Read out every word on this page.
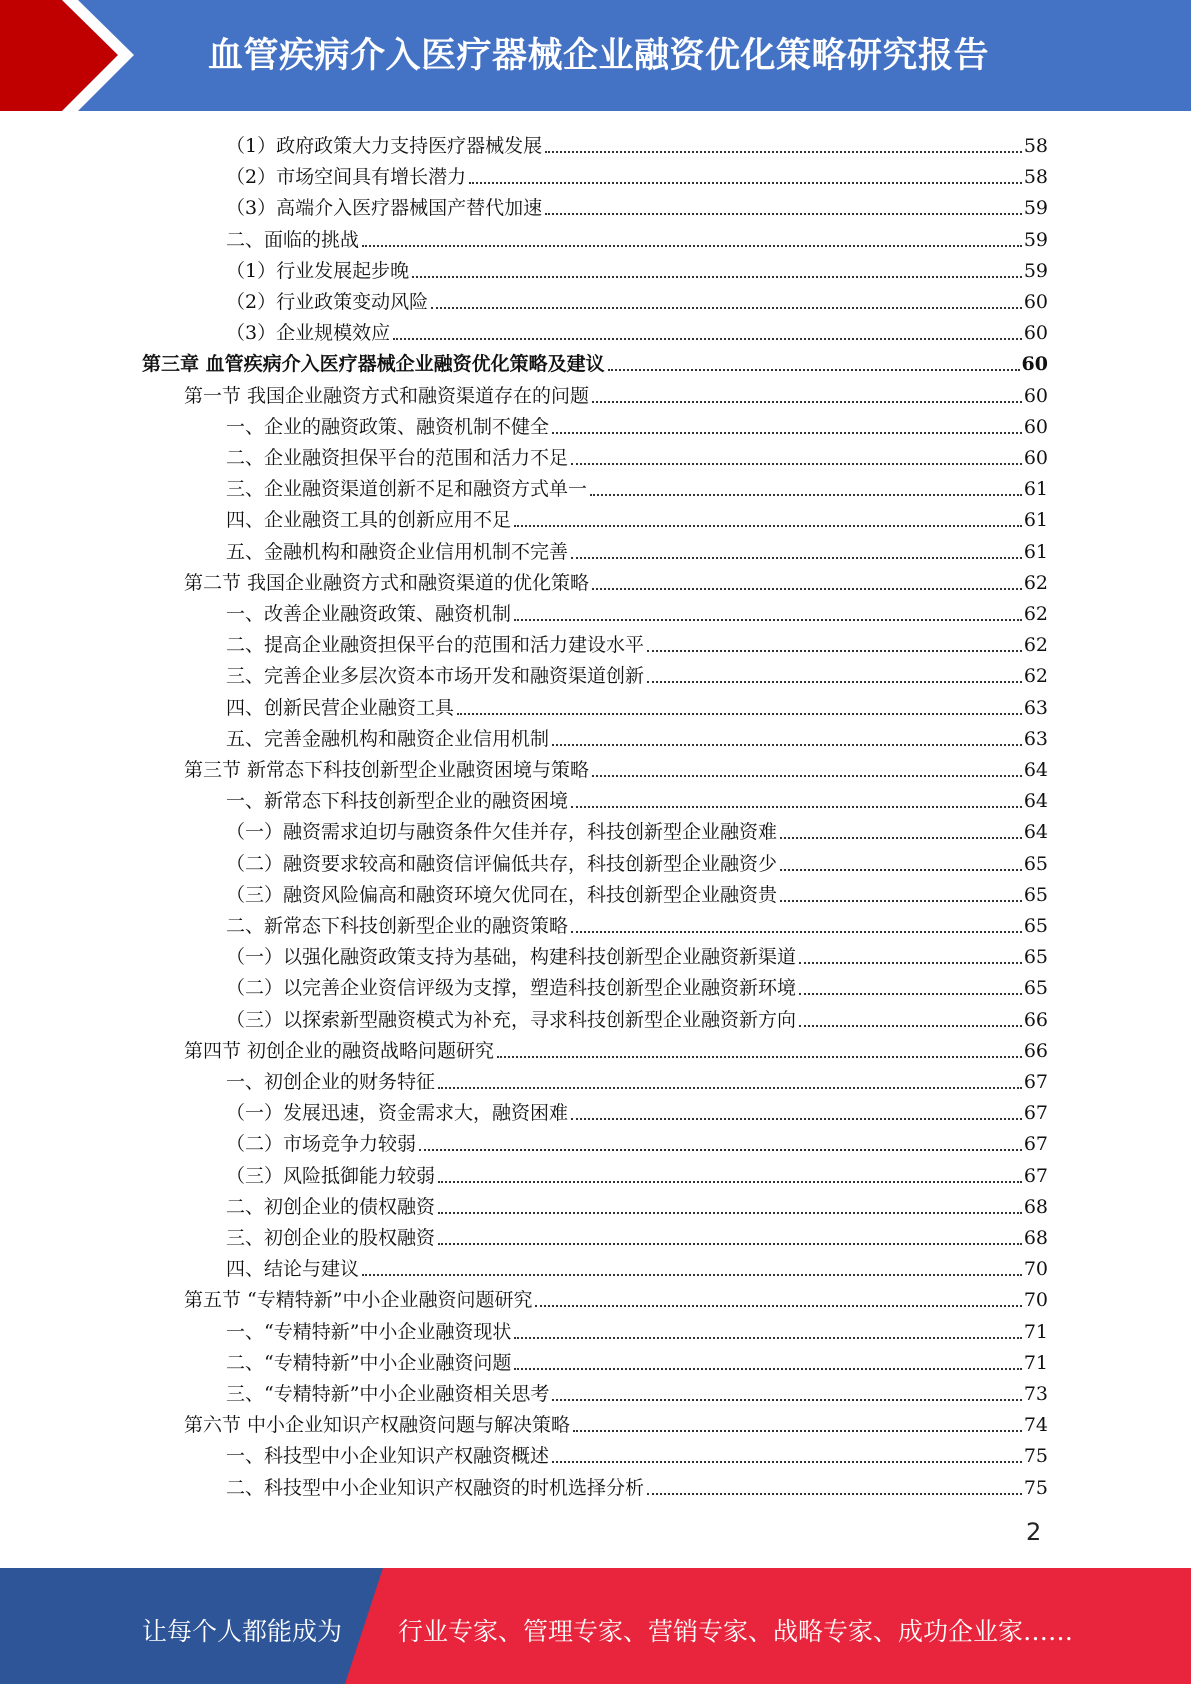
血管疾病介入医疗器械企业融资优化策略研究报告
（1）政府政策大力支持医疗器械发展	58
（2）市场空间具有增长潜力	58
（3）高端介入医疗器械国产替代加速	59
二、面临的挑战	59
（1）行业发展起步晚	59
（2）行业政策变动风险	60
（3）企业规模效应	60
第三章 血管疾病介入医疗器械企业融资优化策略及建议	60
第一节 我国企业融资方式和融资渠道存在的问题	60
一、企业的融资政策、融资机制不健全	60
二、企业融资担保平台的范围和活力不足	60
三、企业融资渠道创新不足和融资方式单一	61
四、企业融资工具的创新应用不足	61
五、金融机构和融资企业信用机制不完善	61
第二节 我国企业融资方式和融资渠道的优化策略	62
一、改善企业融资政策、融资机制	62
二、提高企业融资担保平台的范围和活力建设水平	62
三、完善企业多层次资本市场开发和融资渠道创新	62
四、创新民营企业融资工具	63
五、完善金融机构和融资企业信用机制	63
第三节 新常态下科技创新型企业融资困境与策略	64
一、新常态下科技创新型企业的融资困境	64
（一）融资需求迫切与融资条件欠佳并存，科技创新型企业融资难	64
（二）融资要求较高和融资信评偏低共存，科技创新型企业融资少	65
（三）融资风险偏高和融资环境欠优同在，科技创新型企业融资贵	65
二、新常态下科技创新型企业的融资策略	65
（一）以强化融资政策支持为基础，构建科技创新型企业融资新渠道	65
（二）以完善企业资信评级为支撑，塑造科技创新型企业融资新环境	65
（三）以探索新型融资模式为补充，寻求科技创新型企业融资新方向	66
第四节 初创企业的融资战略问题研究	66
一、初创企业的财务特征	67
（一）发展迅速，资金需求大，融资困难	67
（二）市场竞争力较弱	67
（三）风险抵御能力较弱	67
二、初创企业的债权融资	68
三、初创企业的股权融资	68
四、结论与建议	70
第五节 “专精特新”中小企业融资问题研究	70
一、“专精特新”中小企业融资现状	71
二、“专精特新”中小企业融资问题	71
三、“专精特新”中小企业融资相关思考	73
第六节 中小企业知识产权融资问题与解决策略	74
一、科技型中小企业知识产权融资概述	75
二、科技型中小企业知识产权融资的时机选择分析	75
2
让每个人都能成为 行业专家、管理专家、营销专家、战略专家、成功企业家……
